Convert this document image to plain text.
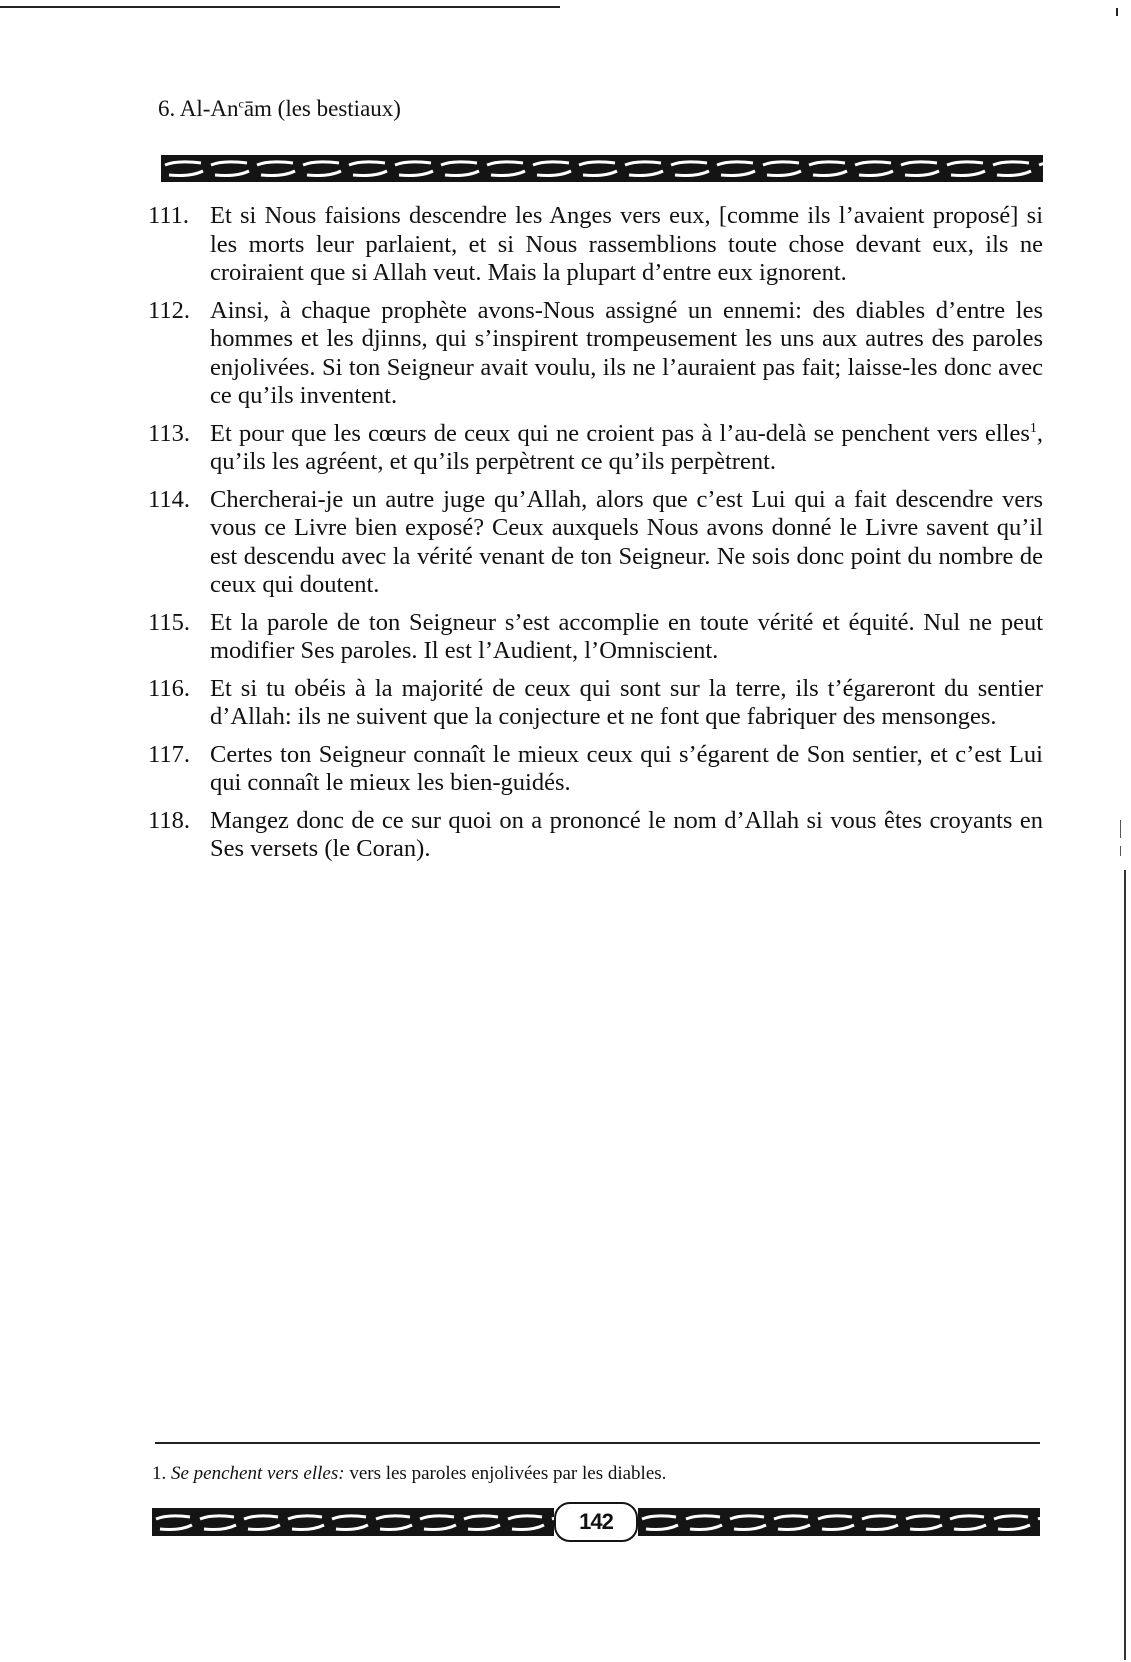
6. Al-An$^c$ām (les bestiaux)
111. Et si Nous faisions descendre les Anges vers eux, [comme ils l’avaient proposé] si les morts leur parlaient, et si Nous rassemblions toute chose devant eux, ils ne croiraient que si Allah veut. Mais la plupart d’entre eux ignorent.
112. Ainsi, à chaque prophète avons-Nous assigné un ennemi: des diables d’entre les hommes et les djinns, qui s’inspirent trompeusement les uns aux autres des paroles enjolivées. Si ton Seigneur avait voulu, ils ne l’auraient pas fait; laisse-les donc avec ce qu’ils inventent.
113. Et pour que les cœurs de ceux qui ne croient pas à l’au-delà se penchent vers elles$^1$, qu’ils les agréent, et qu’ils perpètrent ce qu’ils perpètrent.
114. Chercherai-je un autre juge qu’Allah, alors que c’est Lui qui a fait descendre vers vous ce Livre bien exposé? Ceux auxquels Nous avons donné le Livre savent qu’il est descendu avec la vérité venant de ton Seigneur. Ne sois donc point du nombre de ceux qui doutent.
115. Et la parole de ton Seigneur s’est accomplie en toute vérité et équité. Nul ne peut modifier Ses paroles. Il est l’Audient, l’Omniscient.
116. Et si tu obéis à la majorité de ceux qui sont sur la terre, ils t’égareront du sentier d’Allah: ils ne suivent que la conjecture et ne font que fabriquer des mensonges.
117. Certes ton Seigneur connaît le mieux ceux qui s’égarent de Son sentier, et c’est Lui qui connaît le mieux les bien-guidés.
118. Mangez donc de ce sur quoi on a prononcé le nom d’Allah si vous êtes croyants en Ses versets (le Coran).
1. Se penchent vers elles: vers les paroles enjolivées par les diables.
142
